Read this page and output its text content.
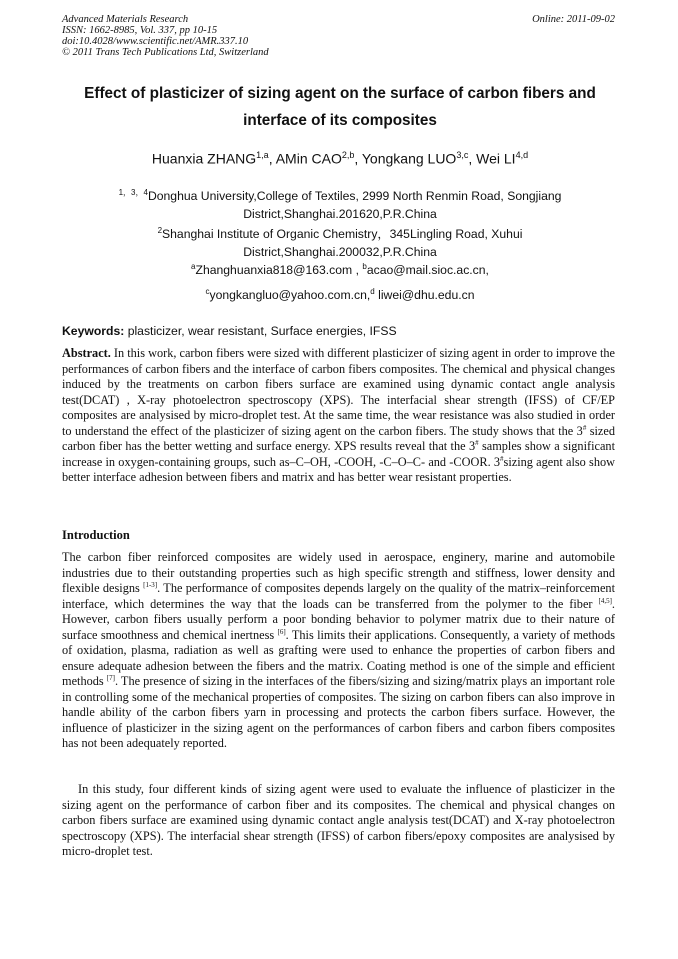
Advanced Materials Research
ISSN: 1662-8985, Vol. 337, pp 10-15
doi:10.4028/www.scientific.net/AMR.337.10
© 2011 Trans Tech Publications Ltd, Switzerland
Online: 2011-09-02
Effect of plasticizer of sizing agent on the surface of carbon fibers and
interface of its composites
Huanxia ZHANG$^{1,a}$, AMin CAO$^{2,b}$, Yongkang LUO$^{3,c}$, Wei LI$^{4,d}$
$^{1,3,4}$Donghua University,College of Textiles, 2999 North Renmin Road, Songjiang
District,Shanghai.201620,P.R.China
$^2$Shanghai Institute of Organic Chemistry，345Lingling Road, Xuhui
District,Shanghai.200032,P.R.China
$^a$Zhanghuanxia818@163.com , $^b$acao@mail.sioc.ac.cn,
$^c$yongkangluo@yahoo.com.cn,$^d$ liwei@dhu.edu.cn
Keywords: plasticizer, wear resistant, Surface energies, IFSS

Abstract. In this work, carbon fibers were sized with different plasticizer of sizing agent in order to improve the performances of carbon fibers and the interface of carbon fibers composites. The chemical and physical changes induced by the treatments on carbon fibers surface are examined using dynamic contact angle analysis test(DCAT) , X-ray photoelectron spectroscopy (XPS). The interfacial shear strength (IFSS) of CF/EP composites are analysised by micro-droplet test. At the same time, the wear resistance was also studied in order to understand the effect of the plasticizer of sizing agent on the carbon fibers. The study shows that the 3# sized carbon fiber has the better wetting and surface energy. XPS results reveal that the 3# samples show a significant increase in oxygen-containing groups, such as–C–OH, -COOH, -C–O–C- and -COOR. 3#sizing agent also show better interface adhesion between fibers and matrix and has better wear resistant properties.

Introduction

The carbon fiber reinforced composites are widely used in aerospace, enginery, marine and automobile industries due to their outstanding properties such as high specific strength and stiffness, lower density and flexible designs [1-3]. The performance of composites depends largely on the quality of the matrix–reinforcement interface, which determines the way that the loads can be transferred from the polymer to the fiber [4,5]. However, carbon fibers usually perform a poor bonding behavior to polymer matrix due to their nature of surface smoothness and chemical inertness [6]. This limits their applications. Consequently, a variety of methods of oxidation, plasma, radiation as well as grafting were used to enhance the properties of carbon fibers and ensure adequate adhesion between the fibers and the matrix. Coating method is one of the simple and efficient methods [7]. The presence of sizing in the interfaces of the fibers/sizing and sizing/matrix plays an important role in controlling some of the mechanical properties of composites. The sizing on carbon fibers can also improve in handle ability of the carbon fibers yarn in processing and protects the carbon fibers surface. However, the influence of plasticizer in the sizing agent on the performances of carbon fibers and carbon fibers composites has not been adequately reported.

In this study, four different kinds of sizing agent were used to evaluate the influence of plasticizer in the sizing agent on the performance of carbon fiber and its composites. The chemical and physical changes on carbon fibers surface are examined using dynamic contact angle analysis test(DCAT) and X-ray photoelectron spectroscopy (XPS). The interfacial shear strength (IFSS) of carbon fibers/epoxy composites are analysised by micro-droplet test.
